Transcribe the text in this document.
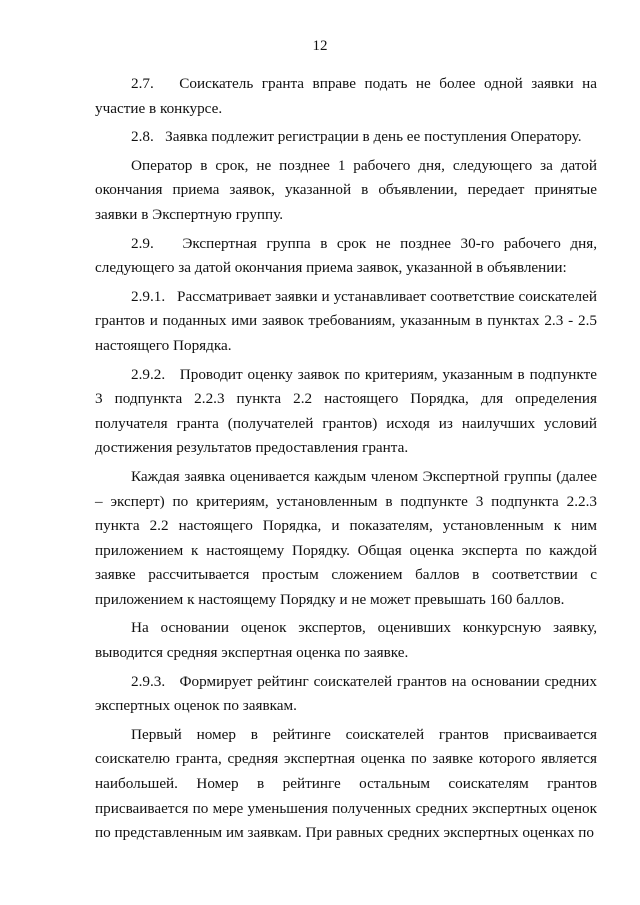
12

2.7.   Соискатель гранта вправе подать не более одной заявки на участие в конкурсе.

2.8.   Заявка подлежит регистрации в день ее поступления Оператору.

Оператор в срок, не позднее 1 рабочего дня, следующего за датой окончания приема заявок, указанной в объявлении, передает принятые заявки в Экспертную группу.

2.9.   Экспертная группа в срок не позднее 30-го рабочего дня, следующего за датой окончания приема заявок, указанной в объявлении:

2.9.1.   Рассматривает заявки и устанавливает соответствие соискателей грантов и поданных ими заявок требованиям, указанным в пунктах 2.3 - 2.5 настоящего Порядка.

2.9.2.   Проводит оценку заявок по критериям, указанным в подпункте 3 подпункта 2.2.3 пункта 2.2 настоящего Порядка, для определения получателя гранта (получателей грантов) исходя из наилучших условий достижения результатов предоставления гранта.

Каждая заявка оценивается каждым членом Экспертной группы (далее – эксперт) по критериям, установленным в подпункте 3 подпункта 2.2.3 пункта 2.2 настоящего Порядка, и показателям, установленным к ним приложением к настоящему Порядку. Общая оценка эксперта по каждой заявке рассчитывается простым сложением баллов в соответствии с приложением к настоящему Порядку и не может превышать 160 баллов.

На основании оценок экспертов, оценивших конкурсную заявку, выводится средняя экспертная оценка по заявке.

2.9.3.   Формирует рейтинг соискателей грантов на основании средних экспертных оценок по заявкам.

Первый номер в рейтинге соискателей грантов присваивается соискателю гранта, средняя экспертная оценка по заявке которого является наибольшей. Номер в рейтинге остальным соискателям грантов присваивается по мере уменьшения полученных средних экспертных оценок по представленным им заявкам. При равных средних экспертных оценках по
